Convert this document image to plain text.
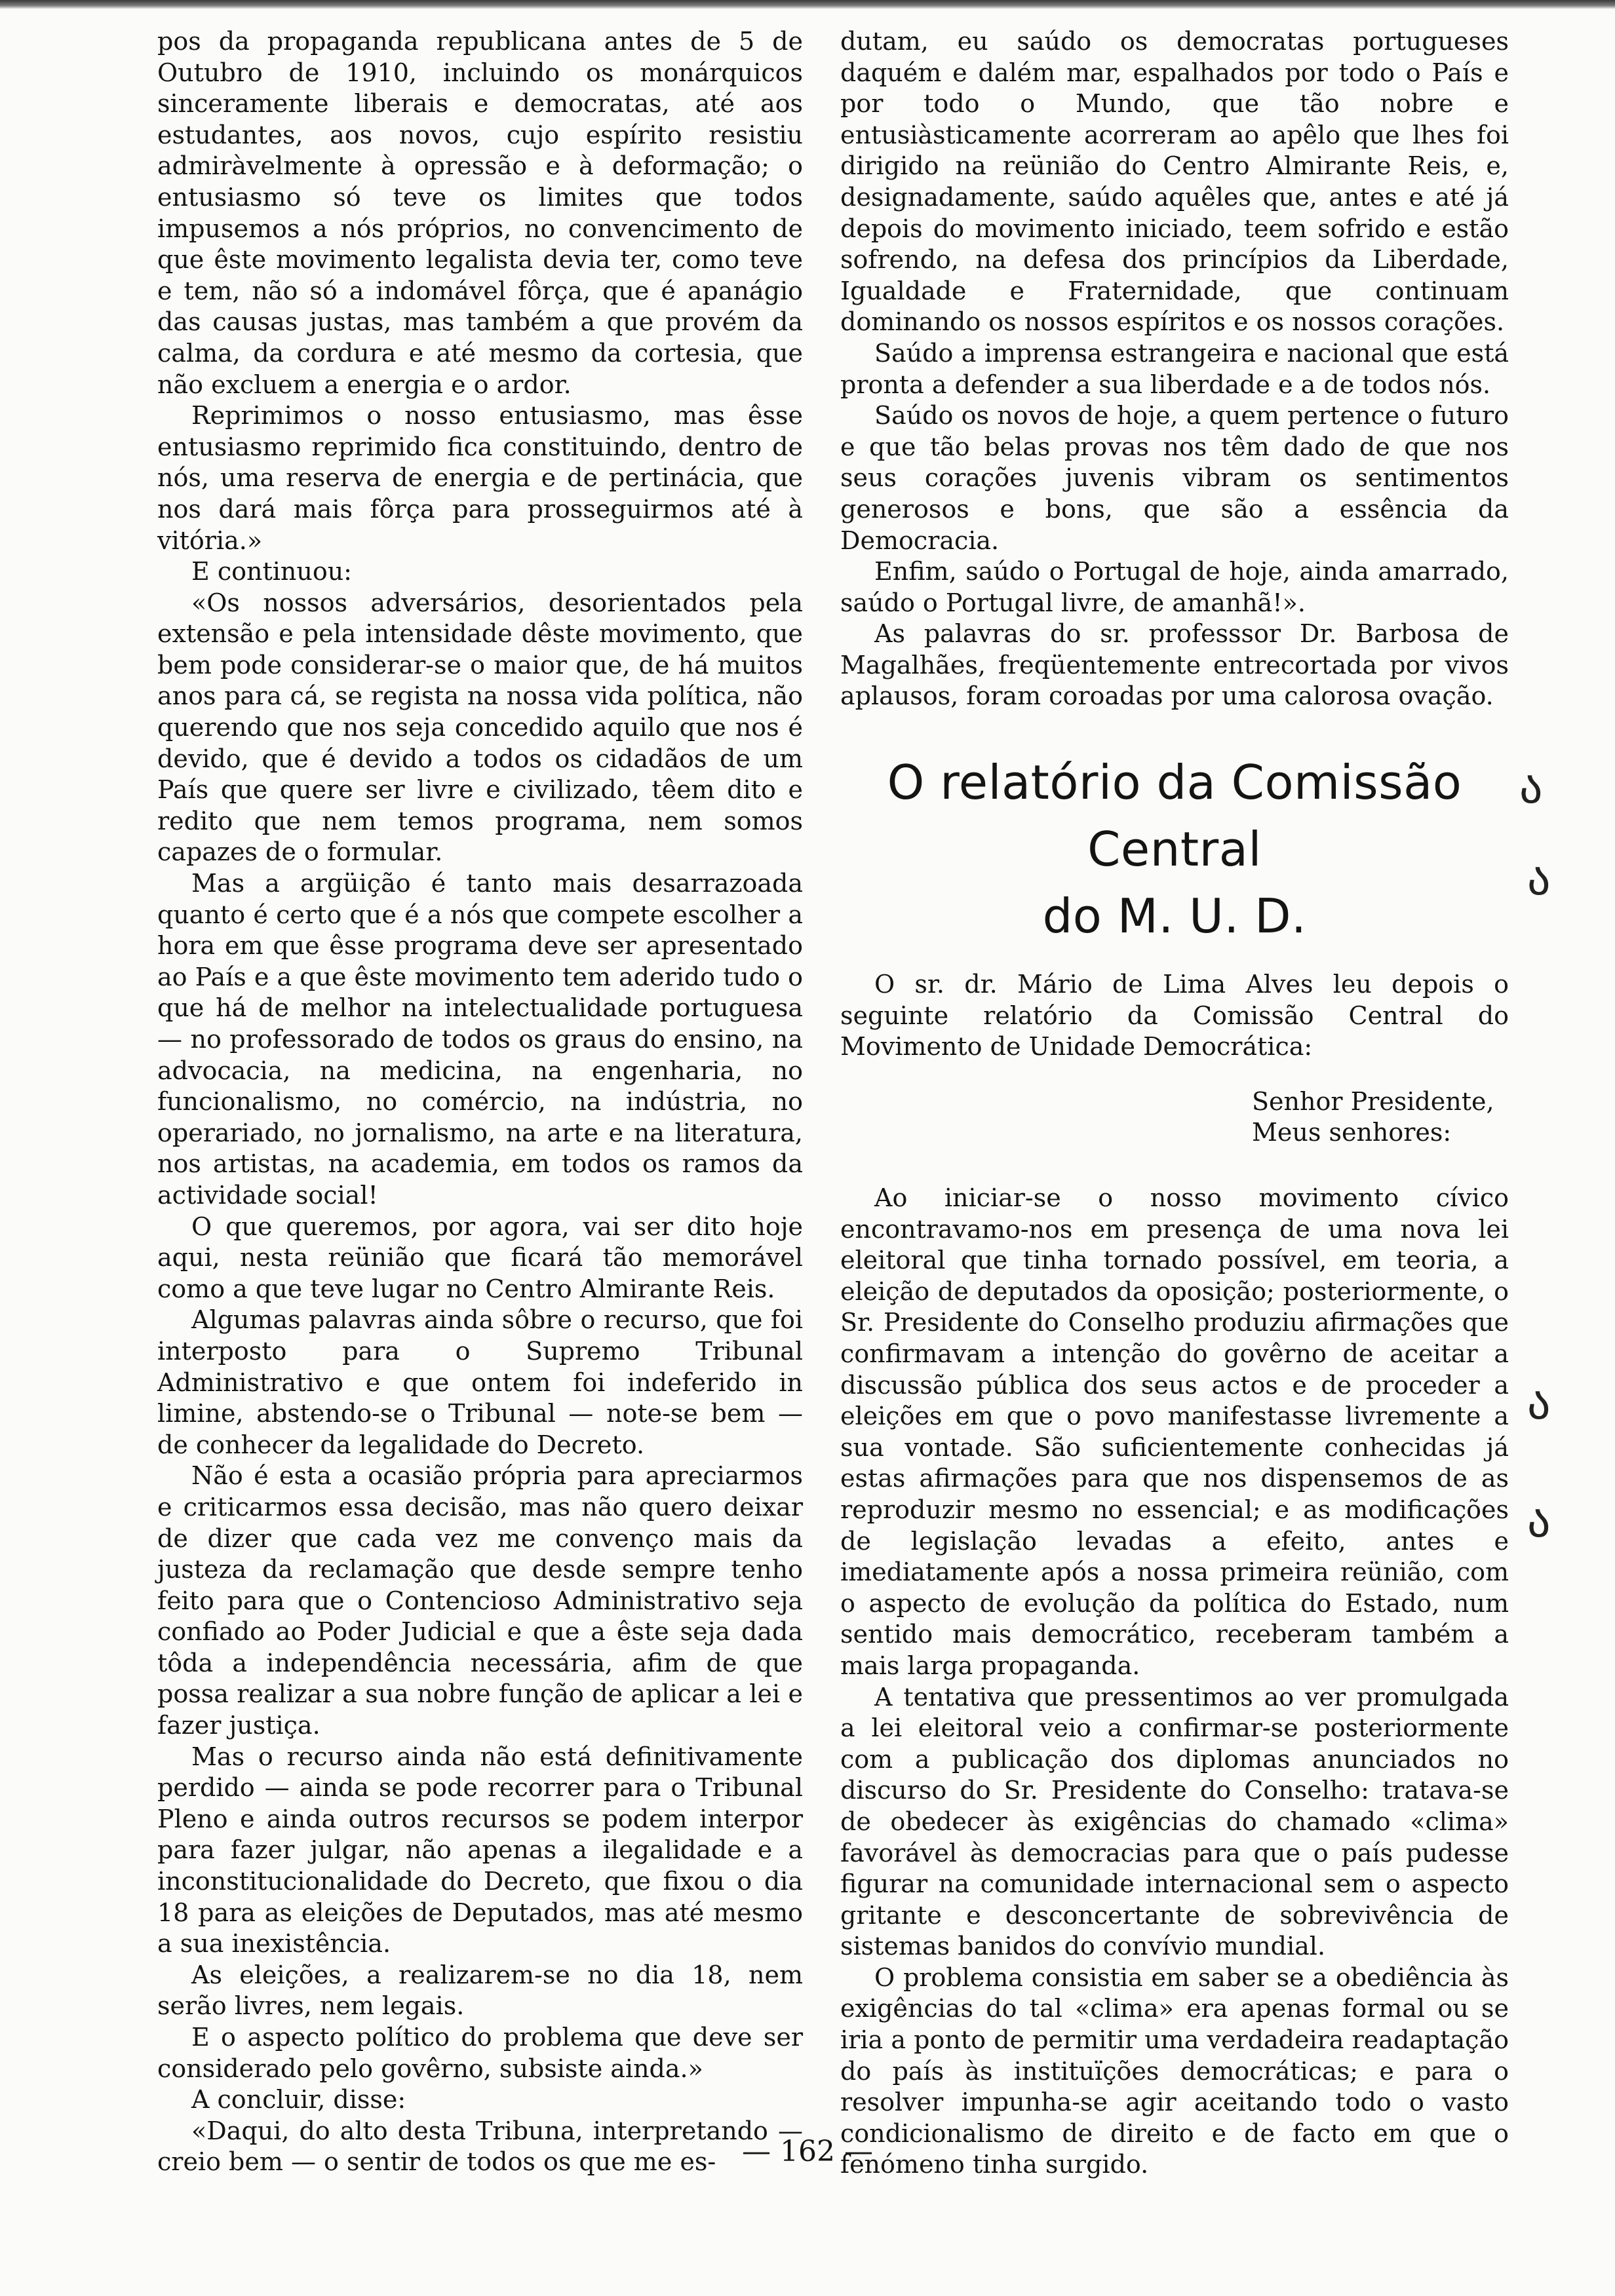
pos da propaganda republicana antes de 5 de Outubro de 1910, incluindo os monárquicos sinceramente liberais e democratas, até aos estudantes, aos novos, cujo espírito resistiu admiràvelmente à opressão e à deformação; o entusiasmo só teve os limites que todos impusemos a nós próprios, no convencimento de que êste movimento legalista devia ter, como teve e tem, não só a indomável fôrça, que é apanágio das causas justas, mas também a que provém da calma, da cordura e até mesmo da cortesia, que não excluem a energia e o ardor.

Reprimimos o nosso entusiasmo, mas êsse entusiasmo reprimido fica constituindo, dentro de nós, uma reserva de energia e de pertinácia, que nos dará mais fôrça para prosseguirmos até à vitória.»

E continuou:

«Os nossos adversários, desorientados pela extensão e pela intensidade dêste movimento, que bem pode considerar-se o maior que, de há muitos anos para cá, se regista na nossa vida política, não querendo que nos seja concedido aquilo que nos é devido, que é devido a todos os cidadãos de um País que quere ser livre e civilizado, têem dito e redito que nem temos programa, nem somos capazes de o formular.

Mas a argüição é tanto mais desarrazoada quanto é certo que é a nós que compete escolher a hora em que êsse programa deve ser apresentado ao País e a que êste movimento tem aderido tudo o que há de melhor na intelectualidade portuguesa — no professorado de todos os graus do ensino, na advocacia, na medicina, na engenharia, no funcionalismo, no comércio, na indústria, no operariado, no jornalismo, na arte e na literatura, nos artistas, na academia, em todos os ramos da actividade social!

O que queremos, por agora, vai ser dito hoje aqui, nesta reünião que ficará tão memorável como a que teve lugar no Centro Almirante Reis.

Algumas palavras ainda sôbre o recurso, que foi interposto para o Supremo Tribunal Administrativo e que ontem foi indeferido in limine, abstendo-se o Tribunal — note-se bem — de conhecer da legalidade do Decreto.

Não é esta a ocasião própria para apreciarmos e criticarmos essa decisão, mas não quero deixar de dizer que cada vez me convenço mais da justeza da reclamação que desde sempre tenho feito para que o Contencioso Administrativo seja confiado ao Poder Judicial e que a êste seja dada tôda a independência necessária, afim de que possa realizar a sua nobre função de aplicar a lei e fazer justiça.

Mas o recurso ainda não está definitivamente perdido — ainda se pode recorrer para o Tribunal Pleno e ainda outros recursos se podem interpor para fazer julgar, não apenas a ilegalidade e a inconstitucionalidade do Decreto, que fixou o dia 18 para as eleições de Deputados, mas até mesmo a sua inexistência.

As eleições, a realizarem-se no dia 18, nem serão livres, nem legais.

E o aspecto político do problema que deve ser considerado pelo govêrno, subsiste ainda.»

A concluir, disse:

«Daqui, do alto desta Tribuna, interpretando — creio bem — o sentir de todos os que me es-

dutam, eu saúdo os democratas portugueses daquém e dalém mar, espalhados por todo o País e por todo o Mundo, que tão nobre e entusiàsticamente acorreram ao apêlo que lhes foi dirigido na reünião do Centro Almirante Reis, e, designadamente, saúdo aquêles que, antes e até já depois do movimento iniciado, teem sofrido e estão sofrendo, na defesa dos princípios da Liberdade, Igualdade e Fraternidade, que continuam dominando os nossos espíritos e os nossos corações.

Saúdo a imprensa estrangeira e nacional que está pronta a defender a sua liberdade e a de todos nós.

Saúdo os novos de hoje, a quem pertence o futuro e que tão belas provas nos têm dado de que nos seus corações juvenis vibram os sentimentos generosos e bons, que são a essência da Democracia.

Enfim, saúdo o Portugal de hoje, ainda amarrado, saúdo o Portugal livre, de amanhã!».

As palavras do sr. professsor Dr. Barbosa de Magalhães, freqüentemente entrecortada por vivos aplausos, foram coroadas por uma calorosa ovação.

O relatório da Comissão Central
do M. U. D.

O sr. dr. Mário de Lima Alves leu depois o seguinte relatório da Comissão Central do Movimento de Unidade Democrática:

Senhor Presidente,
Meus senhores:

Ao iniciar-se o nosso movimento cívico encontravamo-nos em presença de uma nova lei eleitoral que tinha tornado possível, em teoria, a eleição de deputados da oposição; posteriormente, o Sr. Presidente do Conselho produziu afirmações que confirmavam a intenção do govêrno de aceitar a discussão pública dos seus actos e de proceder a eleições em que o povo manifestasse livremente a sua vontade. São suficientemente conhecidas já estas afirmações para que nos dispensemos de as reproduzir mesmo no essencial; e as modificações de legislação levadas a efeito, antes e imediatamente após a nossa primeira reünião, com o aspecto de evolução da política do Estado, num sentido mais democrático, receberam também a mais larga propaganda.

A tentativa que pressentimos ao ver promulgada a lei eleitoral veio a confirmar-se posteriormente com a publicação dos diplomas anunciados no discurso do Sr. Presidente do Conselho: tratava-se de obedecer às exigências do chamado «clima» favorável às democracias para que o país pudesse figurar na comunidade internacional sem o aspecto gritante e desconcertante de sobrevivência de sistemas banidos do convívio mundial.

O problema consistia em saber se a obediência às exigências do tal «clima» era apenas formal ou se iria a ponto de permitir uma verdadeira readaptação do país às instituïções democráticas; e para o resolver impunha-se agir aceitando todo o vasto condicionalismo de direito e de facto em que o fenómeno tinha surgido.

ა
ა
ა
ა
— 162 —
